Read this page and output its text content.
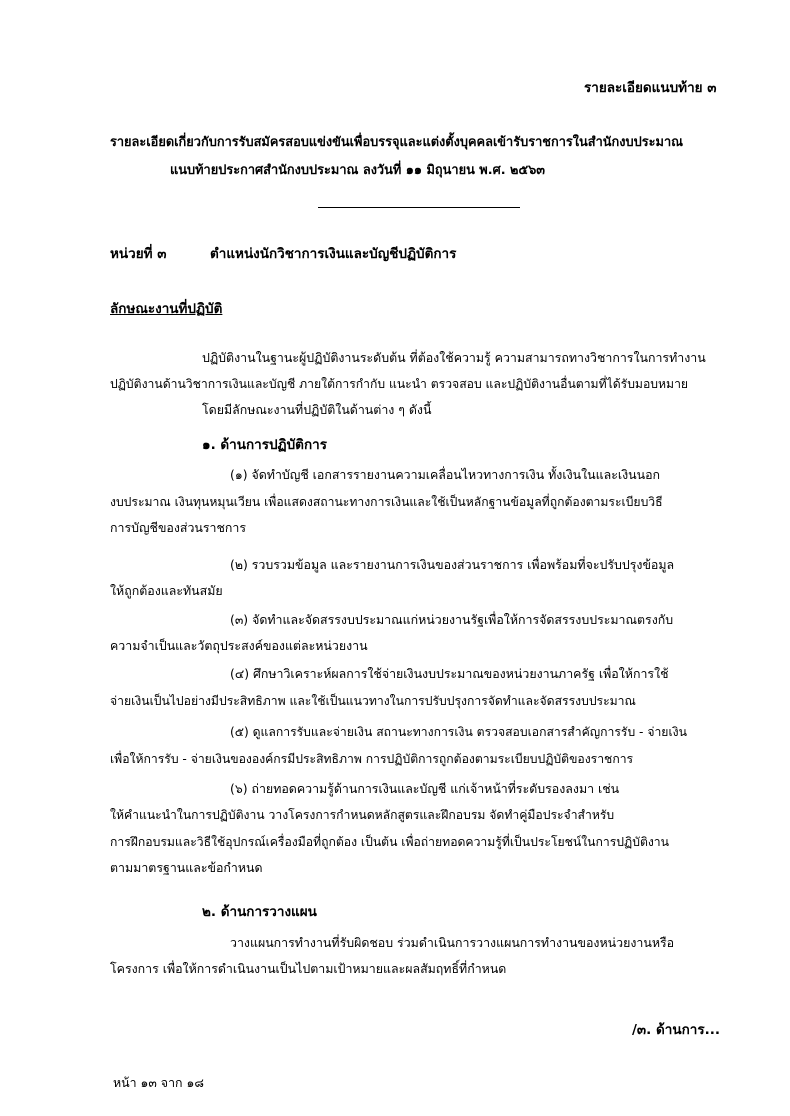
รายละเอียดแนบท้าย ๓
รายละเอียดเกี่ยวกับการรับสมัครสอบแข่งขันเพื่อบรรจุและแต่งตั้งบุคคลเข้ารับราชการในสำนักงบประมาณ
แนบท้ายประกาศสำนักงบประมาณ ลงวันที่ ๑๑ มิถุนายน พ.ศ. ๒๕๖๓
หน่วยที่ ๓	ตำแหน่งนักวิชาการเงินและบัญชีปฏิบัติการ
ลักษณะงานที่ปฏิบัติ
ปฏิบัติงานในฐานะผู้ปฏิบัติงานระดับต้น ที่ต้องใช้ความรู้ ความสามารถทางวิชาการในการทำงาน
ปฏิบัติงานด้านวิชาการเงินและบัญชี ภายใต้การกำกับ แนะนำ ตรวจสอบ และปฏิบัติงานอื่นตามที่ได้รับมอบหมาย
โดยมีลักษณะงานที่ปฏิบัติในด้านต่าง ๆ ดังนี้
๑. ด้านการปฏิบัติการ
(๑) จัดทำบัญชี เอกสารรายงานความเคลื่อนไหวทางการเงิน ทั้งเงินในและเงินนอก
งบประมาณ เงินทุนหมุนเวียน เพื่อแสดงสถานะทางการเงินและใช้เป็นหลักฐานข้อมูลที่ถูกต้องตามระเบียบวิธี
การบัญชีของส่วนราชการ
(๒) รวบรวมข้อมูล และรายงานการเงินของส่วนราชการ เพื่อพร้อมที่จะปรับปรุงข้อมูล
ให้ถูกต้องและทันสมัย
(๓) จัดทำและจัดสรรงบประมาณแก่หน่วยงานรัฐเพื่อให้การจัดสรรงบประมาณตรงกับ
ความจำเป็นและวัตถุประสงค์ของแต่ละหน่วยงาน
(๔) ศึกษาวิเคราะห์ผลการใช้จ่ายเงินงบประมาณของหน่วยงานภาครัฐ เพื่อให้การใช้
จ่ายเงินเป็นไปอย่างมีประสิทธิภาพ และใช้เป็นแนวทางในการปรับปรุงการจัดทำและจัดสรรงบประมาณ
(๕) ดูแลการรับและจ่ายเงิน สถานะทางการเงิน ตรวจสอบเอกสารสำคัญการรับ - จ่ายเงิน
เพื่อให้การรับ - จ่ายเงินขององค์กรมีประสิทธิภาพ การปฏิบัติการถูกต้องตามระเบียบปฏิบัติของราชการ
(๖) ถ่ายทอดความรู้ด้านการเงินและบัญชี แก่เจ้าหน้าที่ระดับรองลงมา เช่น
ให้คำแนะนำในการปฏิบัติงาน วางโครงการกำหนดหลักสูตรและฝึกอบรม จัดทำคู่มือประจำสำหรับ
การฝึกอบรมและวิธีใช้อุปกรณ์เครื่องมือที่ถูกต้อง เป็นต้น เพื่อถ่ายทอดความรู้ที่เป็นประโยชน์ในการปฏิบัติงาน
ตามมาตรฐานและข้อกำหนด
๒. ด้านการวางแผน
วางแผนการทำงานที่รับผิดชอบ ร่วมดำเนินการวางแผนการทำงานของหน่วยงานหรือ
โครงการ เพื่อให้การดำเนินงานเป็นไปตามเป้าหมายและผลสัมฤทธิ์ที่กำหนด
/๓. ด้านการ...
หน้า ๑๓ จาก ๑๘
